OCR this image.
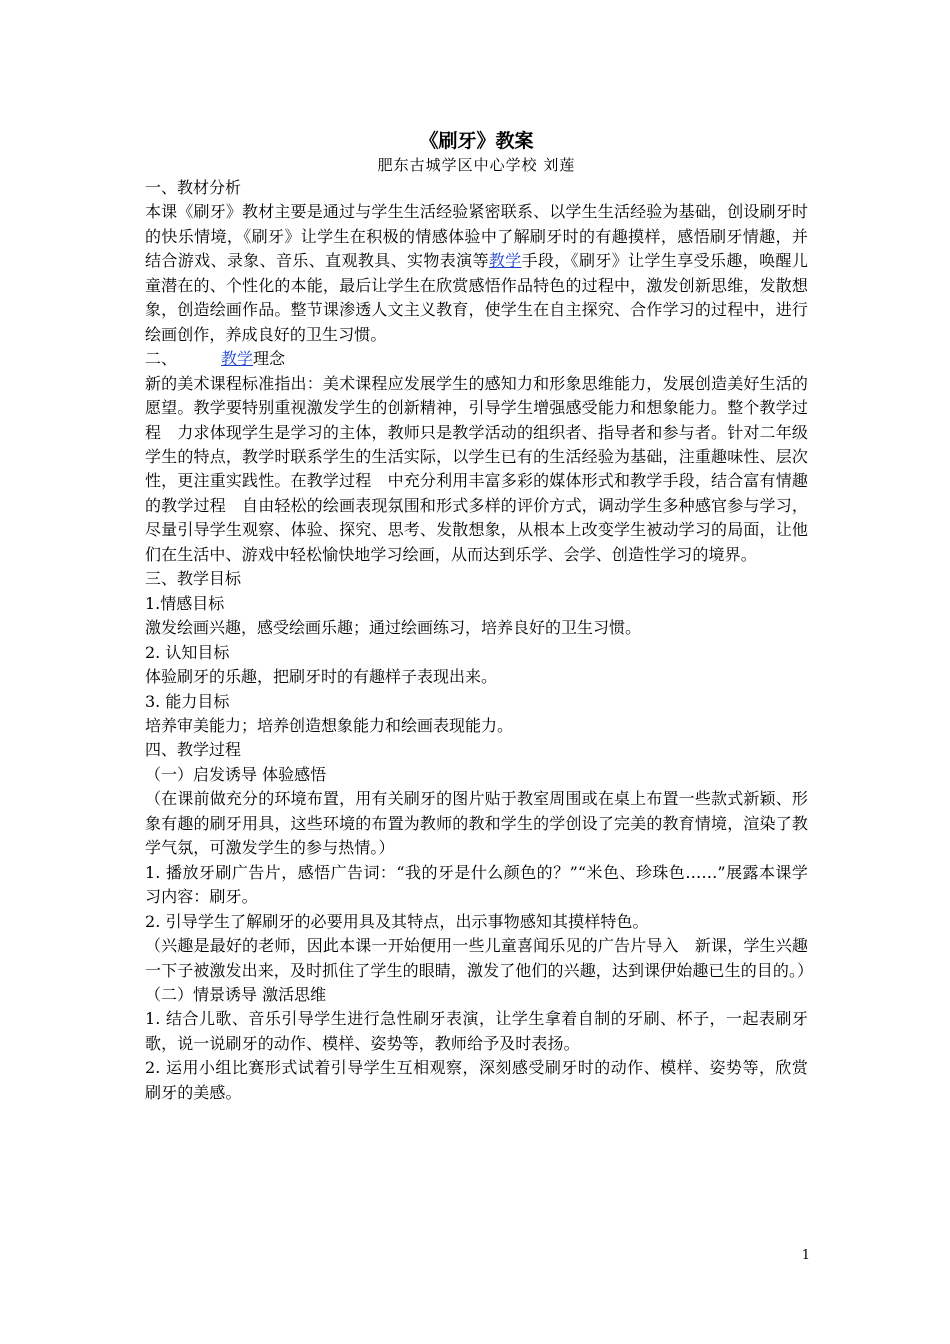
《刷牙》教案

肥东古城学区中心学校 刘莲

一、教材分析

本课《刷牙》教材主要是通过与学生生活经验紧密联系、以学生生活经验为基础，创设刷牙时的快乐情境，《刷牙》让学生在积极的情感体验中了解刷牙时的有趣摸样，感悟刷牙情趣，并结合游戏、录象、音乐、直观教具、实物表演等教学手段，《刷牙》让学生享受乐趣，唤醒儿童潜在的、个性化的本能，最后让学生在欣赏感悟作品特色的过程中，激发创新思维，发散想象，创造绘画作品。整节课渗透人文主义教育，使学生在自主探究、合作学习的过程中，进行绘画创作，养成良好的卫生习惯。

二、	教学理念

新的美术课程标准指出：美术课程应发展学生的感知力和形象思维能力，发展创造美好生活的愿望。教学要特别重视激发学生的创新精神，引导学生增强感受能力和想象能力。整个教学过程　力求体现学生是学习的主体，教师只是教学活动的组织者、指导者和参与者。针对二年级学生的特点，教学时联系学生的生活实际，以学生已有的生活经验为基础，注重趣味性、层次性，更注重实践性。在教学过程　中充分利用丰富多彩的媒体形式和教学手段，结合富有情趣的教学过程　自由轻松的绘画表现氛围和形式多样的评价方式，调动学生多种感官参与学习，尽量引导学生观察、体验、探究、思考、发散想象，从根本上改变学生被动学习的局面，让他们在生活中、游戏中轻松愉快地学习绘画，从而达到乐学、会学、创造性学习的境界。

三、教学目标

1.情感目标

激发绘画兴趣，感受绘画乐趣；通过绘画练习，培养良好的卫生习惯。

2. 认知目标

体验刷牙的乐趣，把刷牙时的有趣样子表现出来。

3. 能力目标

培养审美能力；培养创造想象能力和绘画表现能力。

四、教学过程

（一）启发诱导 体验感悟

（在课前做充分的环境布置，用有关刷牙的图片贴于教室周围或在桌上布置一些款式新颖、形象有趣的刷牙用具，这些环境的布置为教师的教和学生的学创设了完美的教育情境，渲染了教学气氛，可激发学生的参与热情。）

1. 播放牙刷广告片，感悟广告词：“我的牙是什么颜色的？”“米色、珍珠色……”展露本课学习内容：刷牙。

2. 引导学生了解刷牙的必要用具及其特点，出示事物感知其摸样特色。

（兴趣是最好的老师，因此本课一开始便用一些儿童喜闻乐见的广告片导入　新课，学生兴趣一下子被激发出来，及时抓住了学生的眼睛，激发了他们的兴趣，达到课伊始趣已生的目的。）

（二）情景诱导 激活思维

1. 结合儿歌、音乐引导学生进行急性刷牙表演，让学生拿着自制的牙刷、杯子，一起表刷牙歌，说一说刷牙的动作、模样、姿势等，教师给予及时表扬。

2. 运用小组比赛形式试着引导学生互相观察，深刻感受刷牙时的动作、模样、姿势等，欣赏刷牙的美感。

1
